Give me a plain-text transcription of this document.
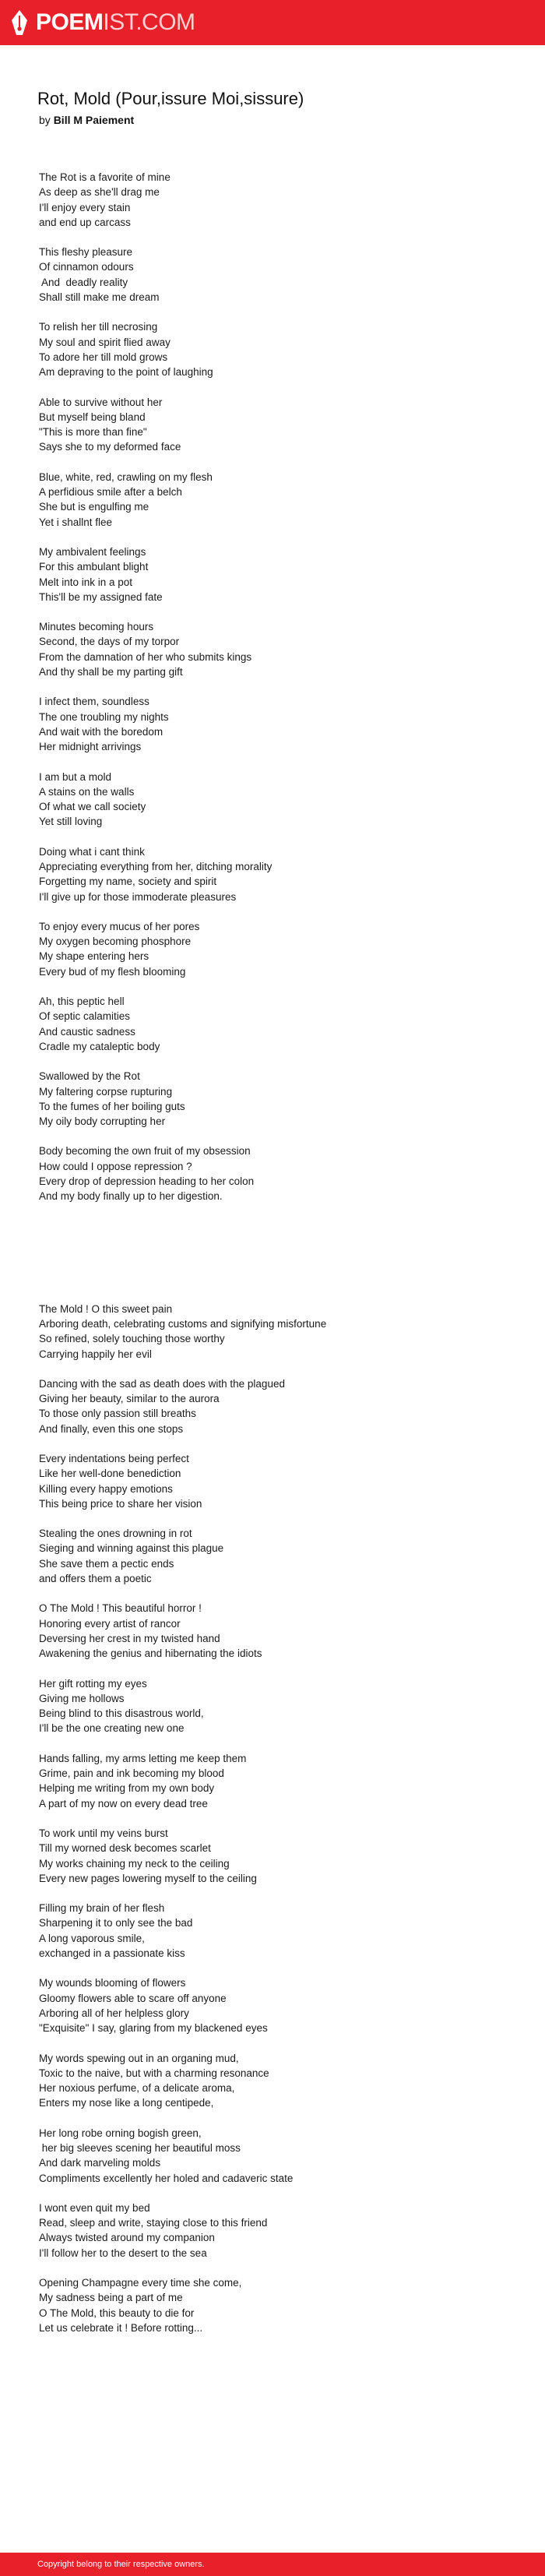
POEMIST.COM
Rot, Mold (Pour,issure Moi,sissure)
by Bill M Paiement
The Rot is a favorite of mine
As deep as she'll drag me
I'll enjoy every stain
and end up carcass
This fleshy pleasure
Of cinnamon odours
And  deadly reality
Shall still make me dream
To relish her till necrosing
My soul and spirit flied away
To adore her till mold grows
Am depraving to the point of laughing
Able to survive without her
But myself being bland
"This is more than fine"
Says she to my deformed face
Blue, white, red, crawling on my flesh
A perfidious smile after a belch
She but is engulfing me
Yet i shallnt flee
My ambivalent feelings
For this ambulant blight
Melt into ink in a pot
This'll be my assigned fate
Minutes becoming hours
Second, the days of my torpor
From the damnation of her who submits kings
And thy shall be my parting gift
I infect them, soundless
The one troubling my nights
And wait with the boredom
Her midnight arrivings
I am but a mold
A stains on the walls
Of what we call society
Yet still loving
Doing what i cant think
Appreciating everything from her, ditching morality
Forgetting my name, society and spirit
I'll give up for those immoderate pleasures
To enjoy every mucus of her pores
My oxygen becoming phosphore
My shape entering hers
Every bud of my flesh blooming
Ah, this peptic hell
Of septic calamities
And caustic sadness
Cradle my cataleptic body
Swallowed by the Rot
My faltering corpse rupturing
To the fumes of her boiling guts
My oily body corrupting her
Body becoming the own fruit of my obsession
How could I oppose repression ?
Every drop of depression heading to her colon
And my body finally up to her digestion.
The Mold ! O this sweet pain
Arboring death, celebrating customs and signifying misfortune
So refined, solely touching those worthy
Carrying happily her evil
Dancing with the sad as death does with the plagued
Giving her beauty, similar to the aurora
To those only passion still breaths
And finally, even this one stops
Every indentations being perfect
Like her well-done benediction
Killing every happy emotions
This being price to share her vision
Stealing the ones drowning in rot
Sieging and winning against this plague
She save them a pectic ends
and offers them a poetic
O The Mold ! This beautiful horror !
Honoring every artist of rancor
Deversing her crest in my twisted hand
Awakening the genius and hibernating the idiots
Her gift rotting my eyes
Giving me hollows
Being blind to this disastrous world,
I'll be the one creating new one
Hands falling, my arms letting me keep them
Grime, pain and ink becoming my blood
Helping me writing from my own body
A part of my now on every dead tree
To work until my veins burst
Till my worned desk becomes scarlet
My works chaining my neck to the ceiling
Every new pages lowering myself to the ceiling
Filling my brain of her flesh
Sharpening it to only see the bad
A long vaporous smile,
exchanged in a passionate kiss
My wounds blooming of flowers
Gloomy flowers able to scare off anyone
Arboring all of her helpless glory
"Exquisite" I say, glaring from my blackened eyes
My words spewing out in an organing mud,
Toxic to the naive, but with a charming resonance
Her noxious perfume, of a delicate aroma,
Enters my nose like a long centipede,
Her long robe orning bogish green,
her big sleeves scening her beautiful moss
And dark marveling molds
Compliments excellently her holed and cadaveric state
I wont even quit my bed
Read, sleep and write, staying close to this friend
Always twisted around my companion
I'll follow her to the desert to the sea
Opening Champagne every time she come,
My sadness being a part of me
O The Mold, this beauty to die for
Let us celebrate it ! Before rotting...
Copyright belong to their respective owners.
